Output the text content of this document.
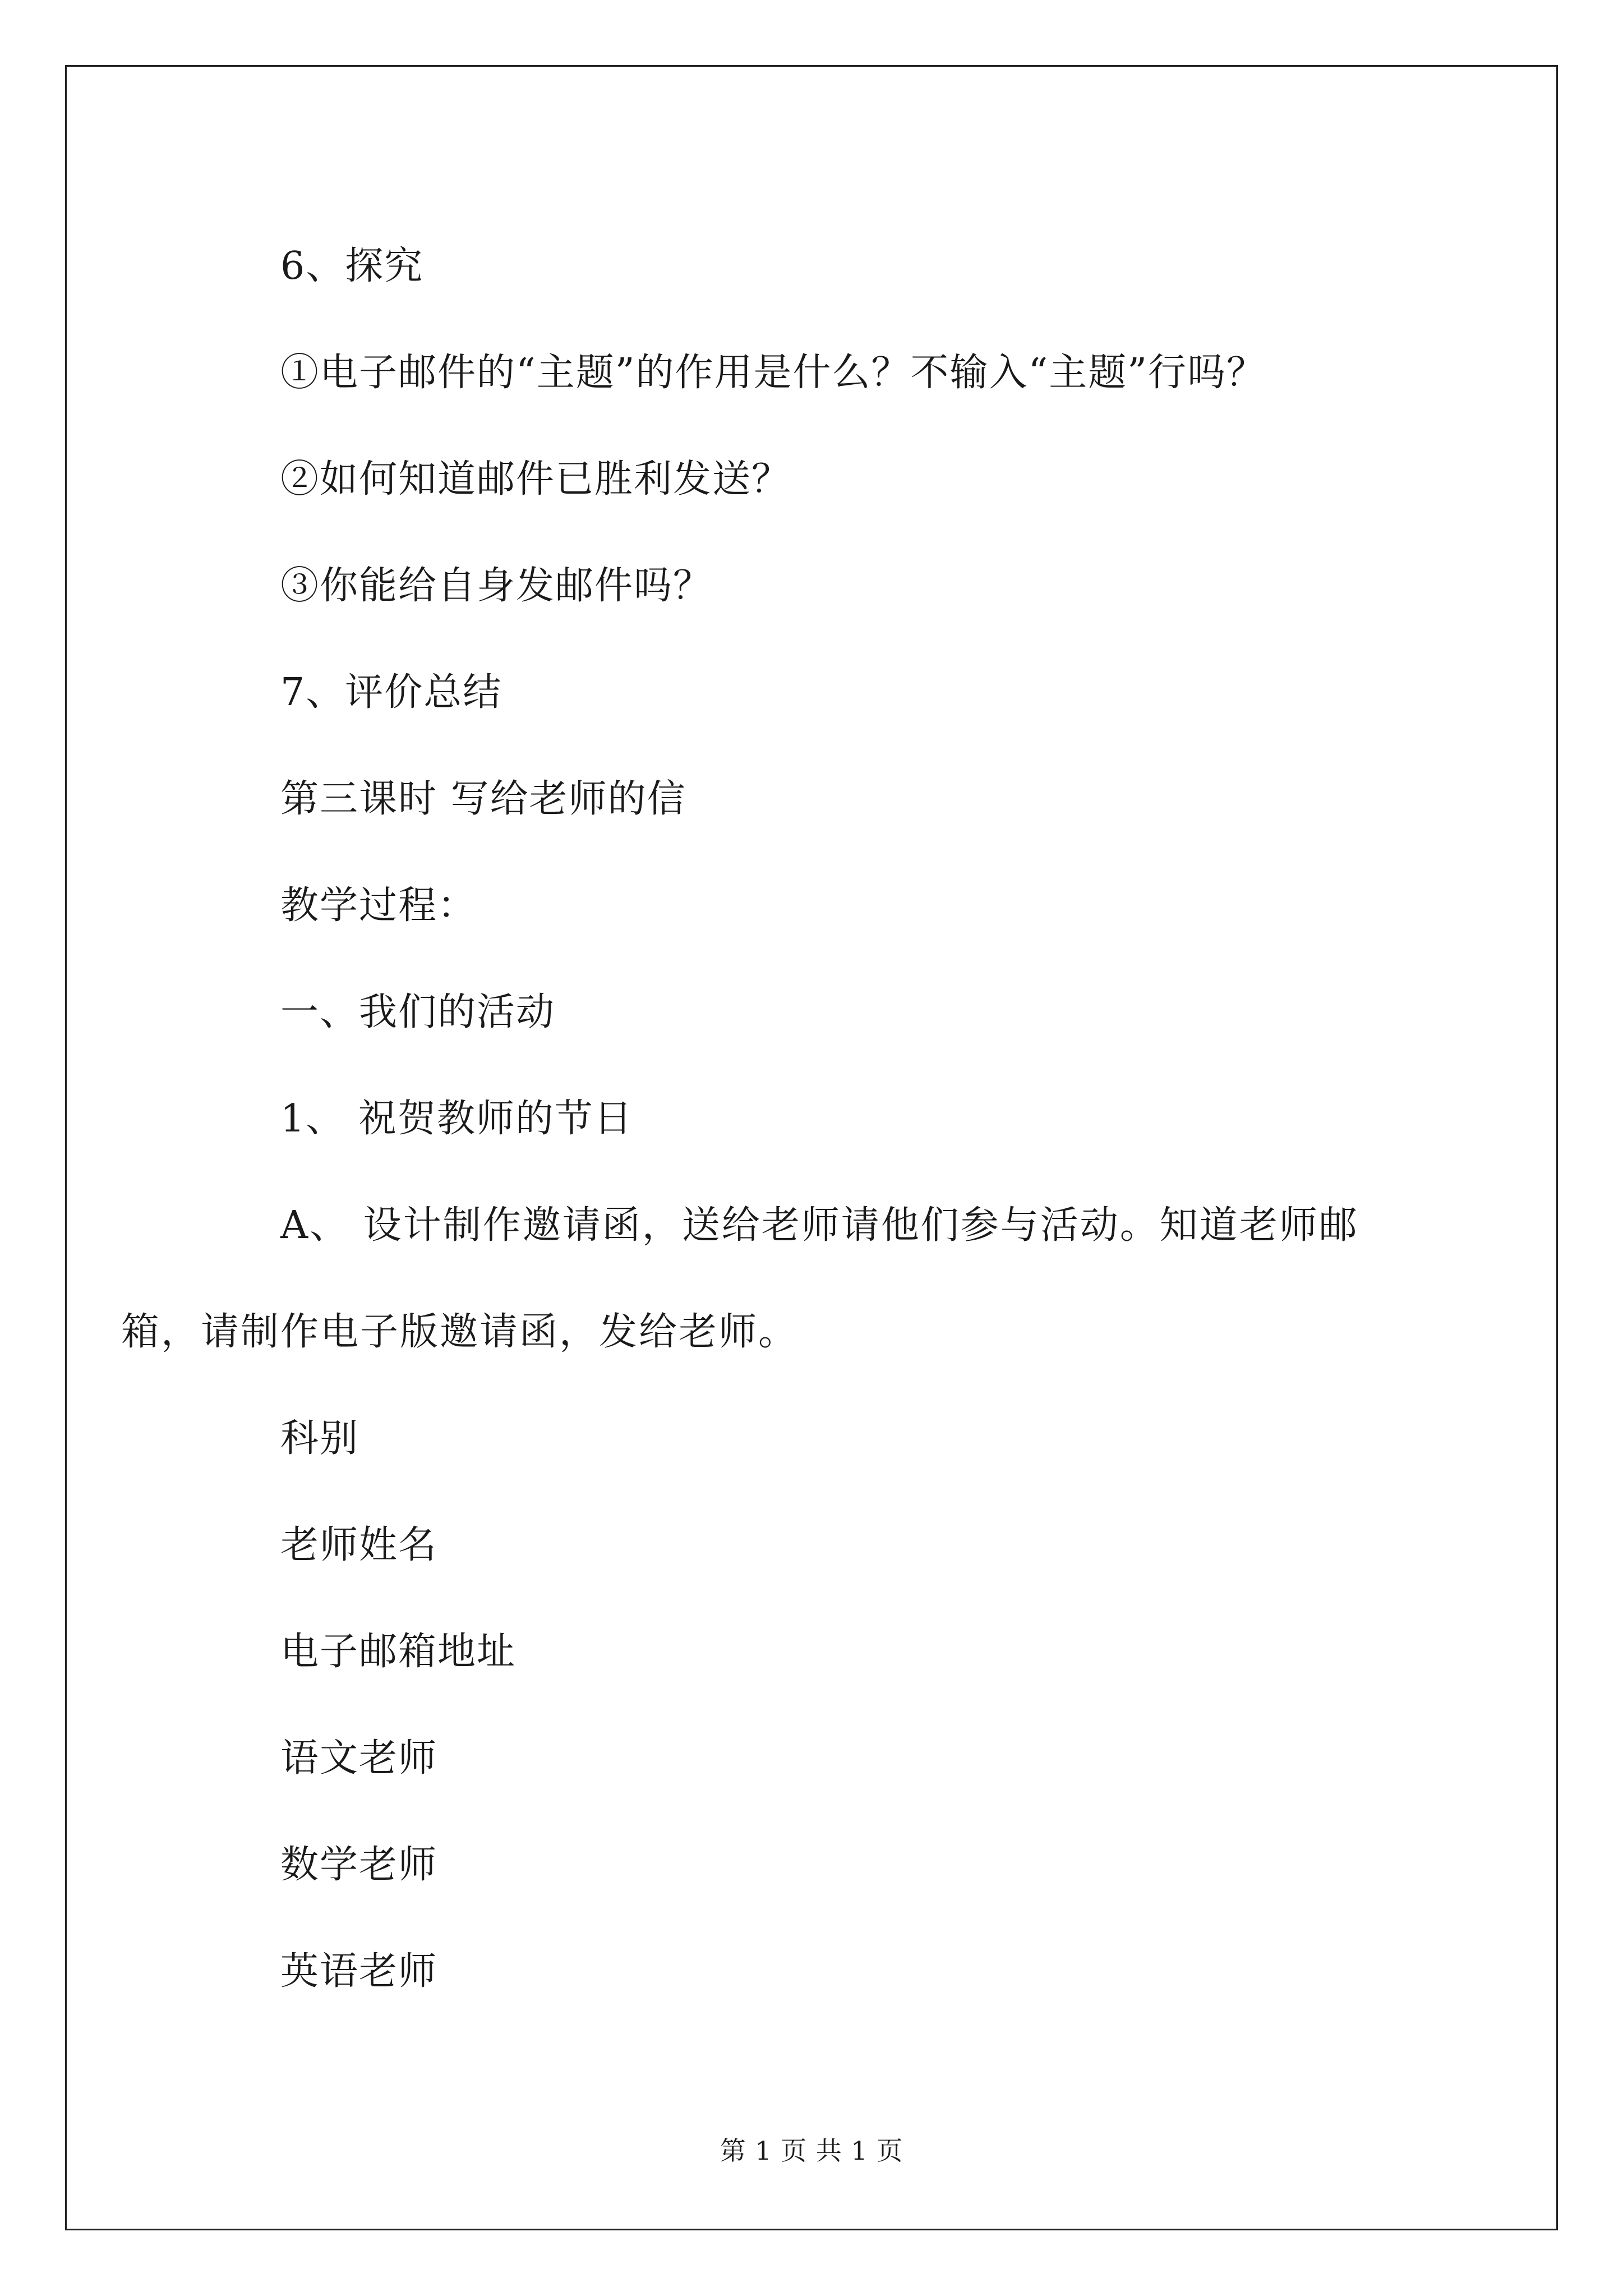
6、探究

①电子邮件的“主题”的作用是什么？不输入“主题”行吗？

②如何知道邮件已胜利发送？

③你能给自身发邮件吗？

7、评价总结

第三课时 写给老师的信

教学过程：

一、我们的活动

1、 祝贺教师的节日

A、 设计制作邀请函，送给老师请他们参与活动。知道老师邮箱，请制作电子版邀请函，发给老师。

科别

老师姓名

电子邮箱地址

语文老师

数学老师

英语老师

第 1 页 共 1 页
